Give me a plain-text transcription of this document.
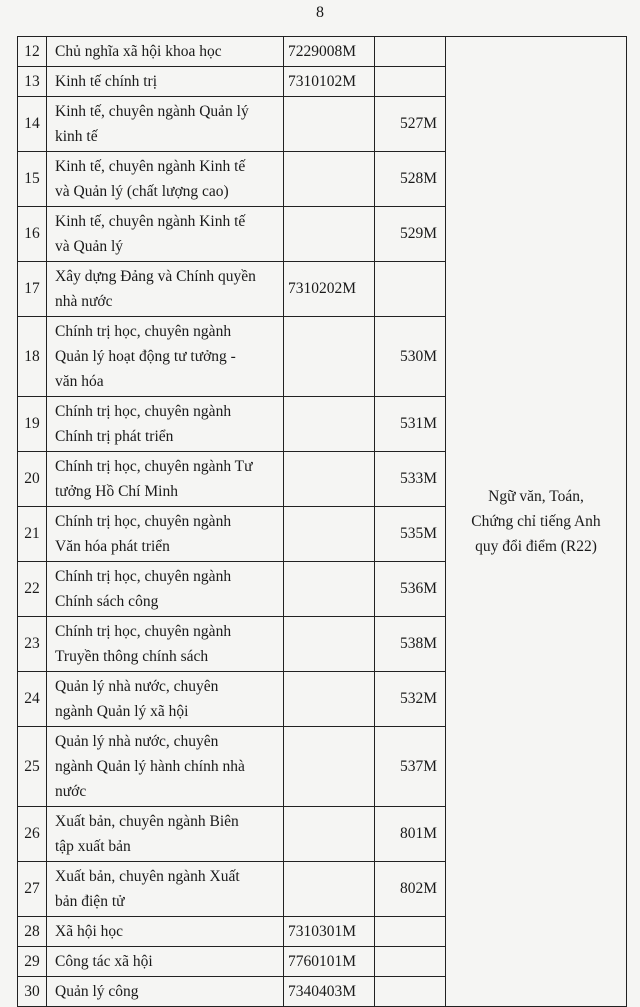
8
12	Chủ nghĩa xã hội khoa học	7229008M		Ngữ văn, Toán,
Chứng chỉ tiếng Anh
quy đổi điểm (R22)

13	Kinh tế chính trị	7310102M		
14	Kinh tế, chuyên ngành Quản lý
kinh tế		527M	
15	Kinh tế, chuyên ngành Kinh tế
và Quản lý (chất lượng cao)		528M	
16	Kinh tế, chuyên ngành Kinh tế
và Quản lý		529M	
17	Xây dựng Đảng và Chính quyền
nhà nước	7310202M		
18	Chính trị học, chuyên ngành
Quản lý hoạt động tư tưởng -
văn hóa		530M	
19	Chính trị học, chuyên ngành
Chính trị phát triển		531M	
20	Chính trị học, chuyên ngành Tư
tưởng Hồ Chí Minh		533M	
21	Chính trị học, chuyên ngành
Văn hóa phát triển		535M	
22	Chính trị học, chuyên ngành
Chính sách công		536M	
23	Chính trị học, chuyên ngành
Truyền thông chính sách		538M	
24	Quản lý nhà nước, chuyên
ngành Quản lý xã hội		532M	
25	Quản lý nhà nước, chuyên
ngành Quản lý hành chính nhà
nước		537M	
26	Xuất bản, chuyên ngành Biên
tập xuất bản		801M	
27	Xuất bản, chuyên ngành Xuất
bản điện tử		802M	
28	Xã hội học	7310301M		
29	Công tác xã hội	7760101M		
30	Quản lý công	7340403M		
